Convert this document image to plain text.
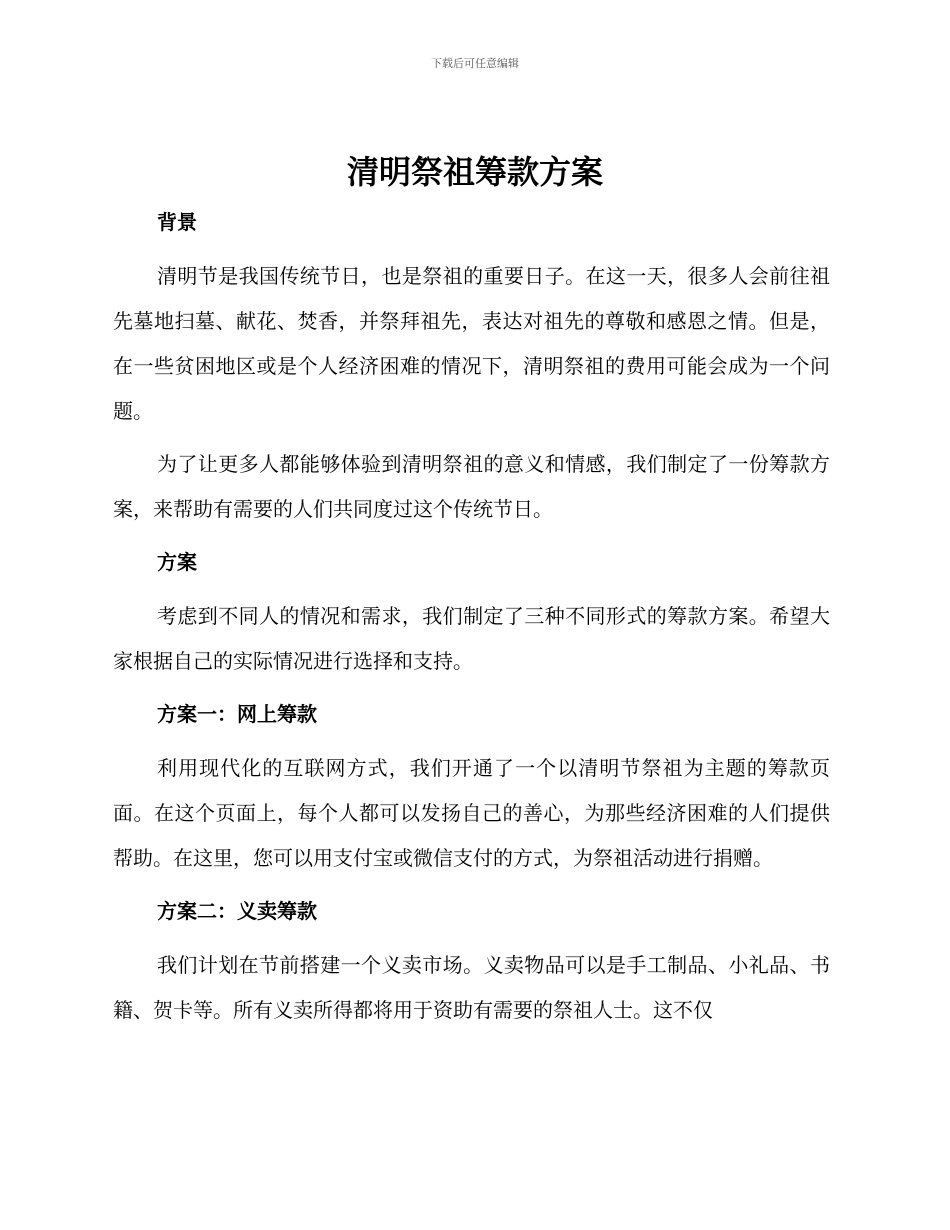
下载后可任意编辑
清明祭祖筹款方案
背景

清明节是我国传统节日，也是祭祖的重要日子。在这一天，很多人会前往祖先墓地扫墓、献花、焚香，并祭拜祖先，表达对祖先的尊敬和感恩之情。但是，在一些贫困地区或是个人经济困难的情况下，清明祭祖的费用可能会成为一个问题。

为了让更多人都能够体验到清明祭祖的意义和情感，我们制定了一份筹款方案，来帮助有需要的人们共同度过这个传统节日。

方案

考虑到不同人的情况和需求，我们制定了三种不同形式的筹款方案。希望大家根据自己的实际情况进行选择和支持。

方案一：网上筹款

利用现代化的互联网方式，我们开通了一个以清明节祭祖为主题的筹款页面。在这个页面上，每个人都可以发扬自己的善心，为那些经济困难的人们提供帮助。在这里，您可以用支付宝或微信支付的方式，为祭祖活动进行捐赠。

方案二：义卖筹款

我们计划在节前搭建一个义卖市场。义卖物品可以是手工制品、小礼品、书籍、贺卡等。所有义卖所得都将用于资助有需要的祭祖人士。这不仅
